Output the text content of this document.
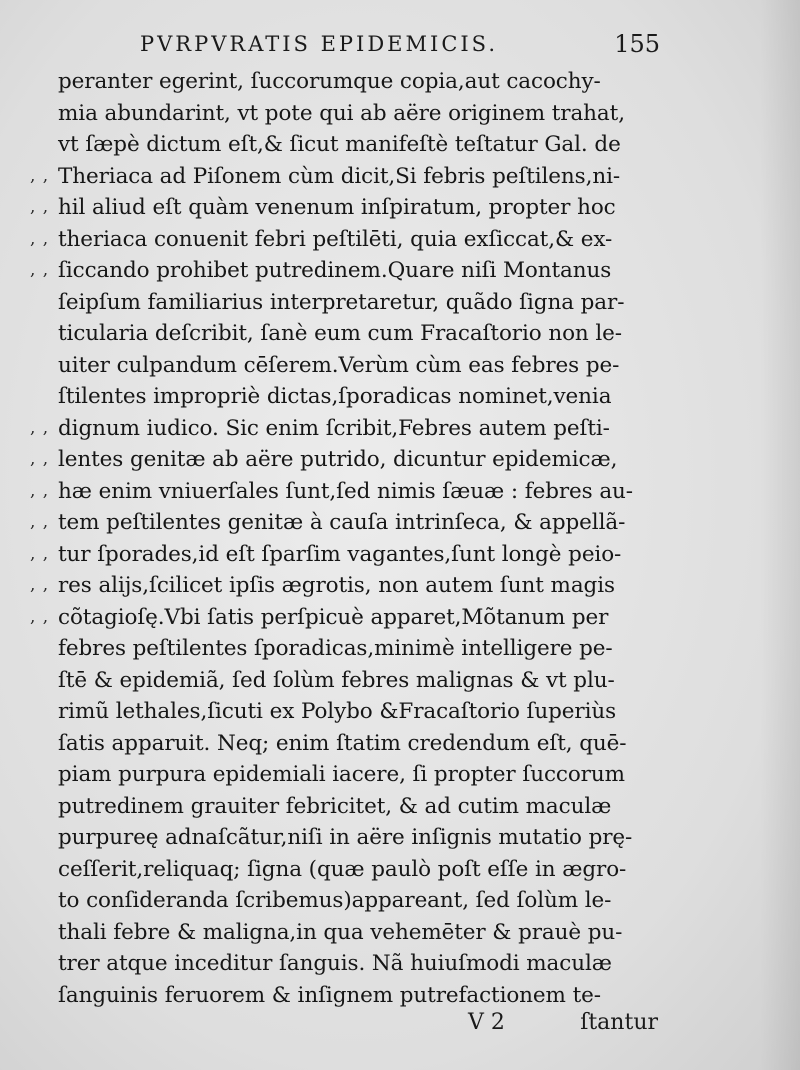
PVRPVRATIS EPIDEMICIS.	155
peranter egerint, ſuccorumque copia,aut cacochy-
mia abundarint, vt pote qui ab aëre originem trahat,
vt ſæpè dictum eſt,& ſicut manifeſtè teſtatur Gal. de
, , Theriaca ad Piſonem cùm dicit,Si febris peſtilens,ni-
, , hil aliud eſt quàm venenum inſpiratum, propter hoc
, , theriaca conuenit febri peſtilēti, quia exſiccat,& ex-
, , ſiccando prohibet putredinem.Quare niſi Montanus
ſeipſum familiarius interpretaretur, quãdo ſigna par-
ticularia deſcribit, ſanè eum cum Fracaſtorio non le-
uiter culpandum cēſerem.Verùm cùm eas febres pe-
ſtilentes impropriè dictas,ſporadicas nominet,venia
, , dignum iudico. Sic enim ſcribit,Febres autem peſti-
, , lentes genitæ ab aëre putrido, dicuntur epidemicæ,
, , hæ enim vniuerſales ſunt,ſed nimis ſæuæ : febres au-
, , tem peſtilentes genitæ à cauſa intrinſeca, & appellã-
, , tur ſporades,id eſt ſparſim vagantes,ſunt longè peio-
, , res alijs,ſcilicet ipſis ægrotis, non autem ſunt magis
, , cõtagioſę.Vbi ſatis perſpicuè apparet,Mõtanum per
febres peſtilentes ſporadicas,minimè intelligere pe-
ſtē & epidemiã, ſed ſolùm febres malignas & vt plu-
rimũ lethales,ſicuti ex Polybo &Fracaſtorio ſuperiùs
ſatis apparuit. Neq; enim ſtatim credendum eſt, quē-
piam purpura epidemiali iacere, ſi propter ſuccorum
putredinem grauiter febricitet, & ad cutim maculæ
purpureę adnaſcãtur,niſi in aëre inſignis mutatio prę-
ceſſerit,reliquaq; ſigna (quæ paulò poſt eſſe in ægro-
to conſideranda ſcribemus)appareant, ſed ſolùm le-
thali febre & maligna,in qua vehemēter & prauè pu-
trer atque inceditur ſanguis. Nã huiuſmodi maculæ
ſanguinis feruorem & inſignem putrefactionem te-
V 2	ſtantur
